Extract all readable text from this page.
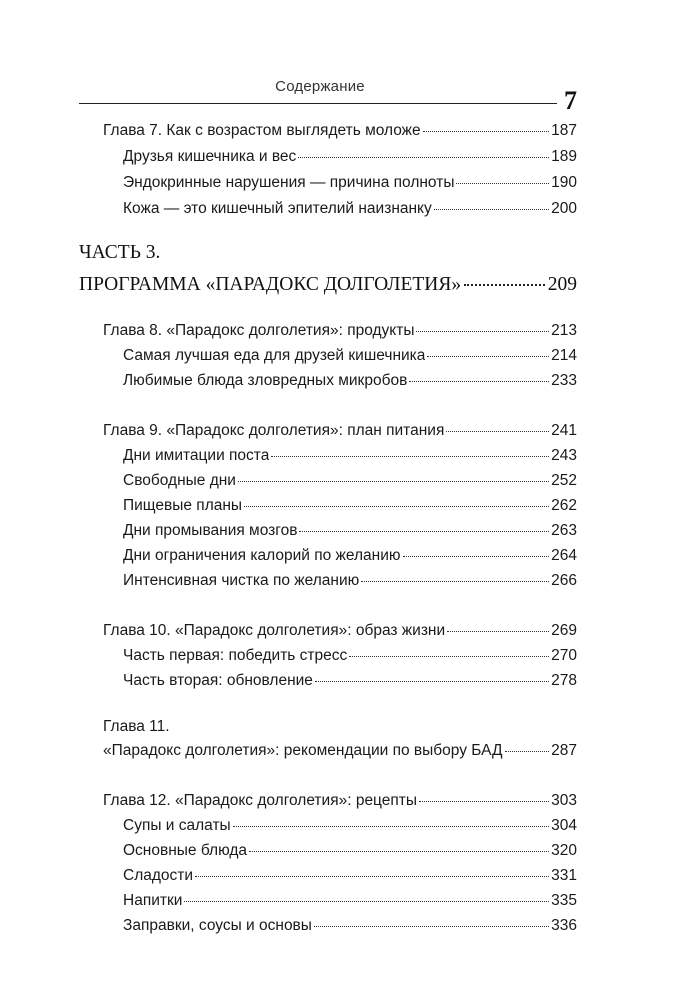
Содержание	7
Глава 7. Как с возрастом выглядеть моложе	187
Друзья кишечника и вес	189
Эндокринные нарушения — причина полноты	190
Кожа — это кишечный эпителий наизнанку	200
ЧАСТЬ 3.
ПРОГРАММА «ПАРАДОКС ДОЛГОЛЕТИЯ»	209
Глава 8. «Парадокс долголетия»: продукты	213
Самая лучшая еда для друзей кишечника	214
Любимые блюда зловредных микробов	233
Глава 9. «Парадокс долголетия»: план питания	241
Дни имитации поста	243
Свободные дни	252
Пищевые планы	262
Дни промывания мозгов	263
Дни ограничения калорий по желанию	264
Интенсивная чистка по желанию	266
Глава 10. «Парадокс долголетия»: образ жизни	269
Часть первая: победить стресс	270
Часть вторая: обновление	278
Глава 11.
«Парадокс долголетия»: рекомендации по выбору БАД	287
Глава 12. «Парадокс долголетия»: рецепты	303
Супы и салаты	304
Основные блюда	320
Сладости	331
Напитки	335
Заправки, соусы и основы	336
